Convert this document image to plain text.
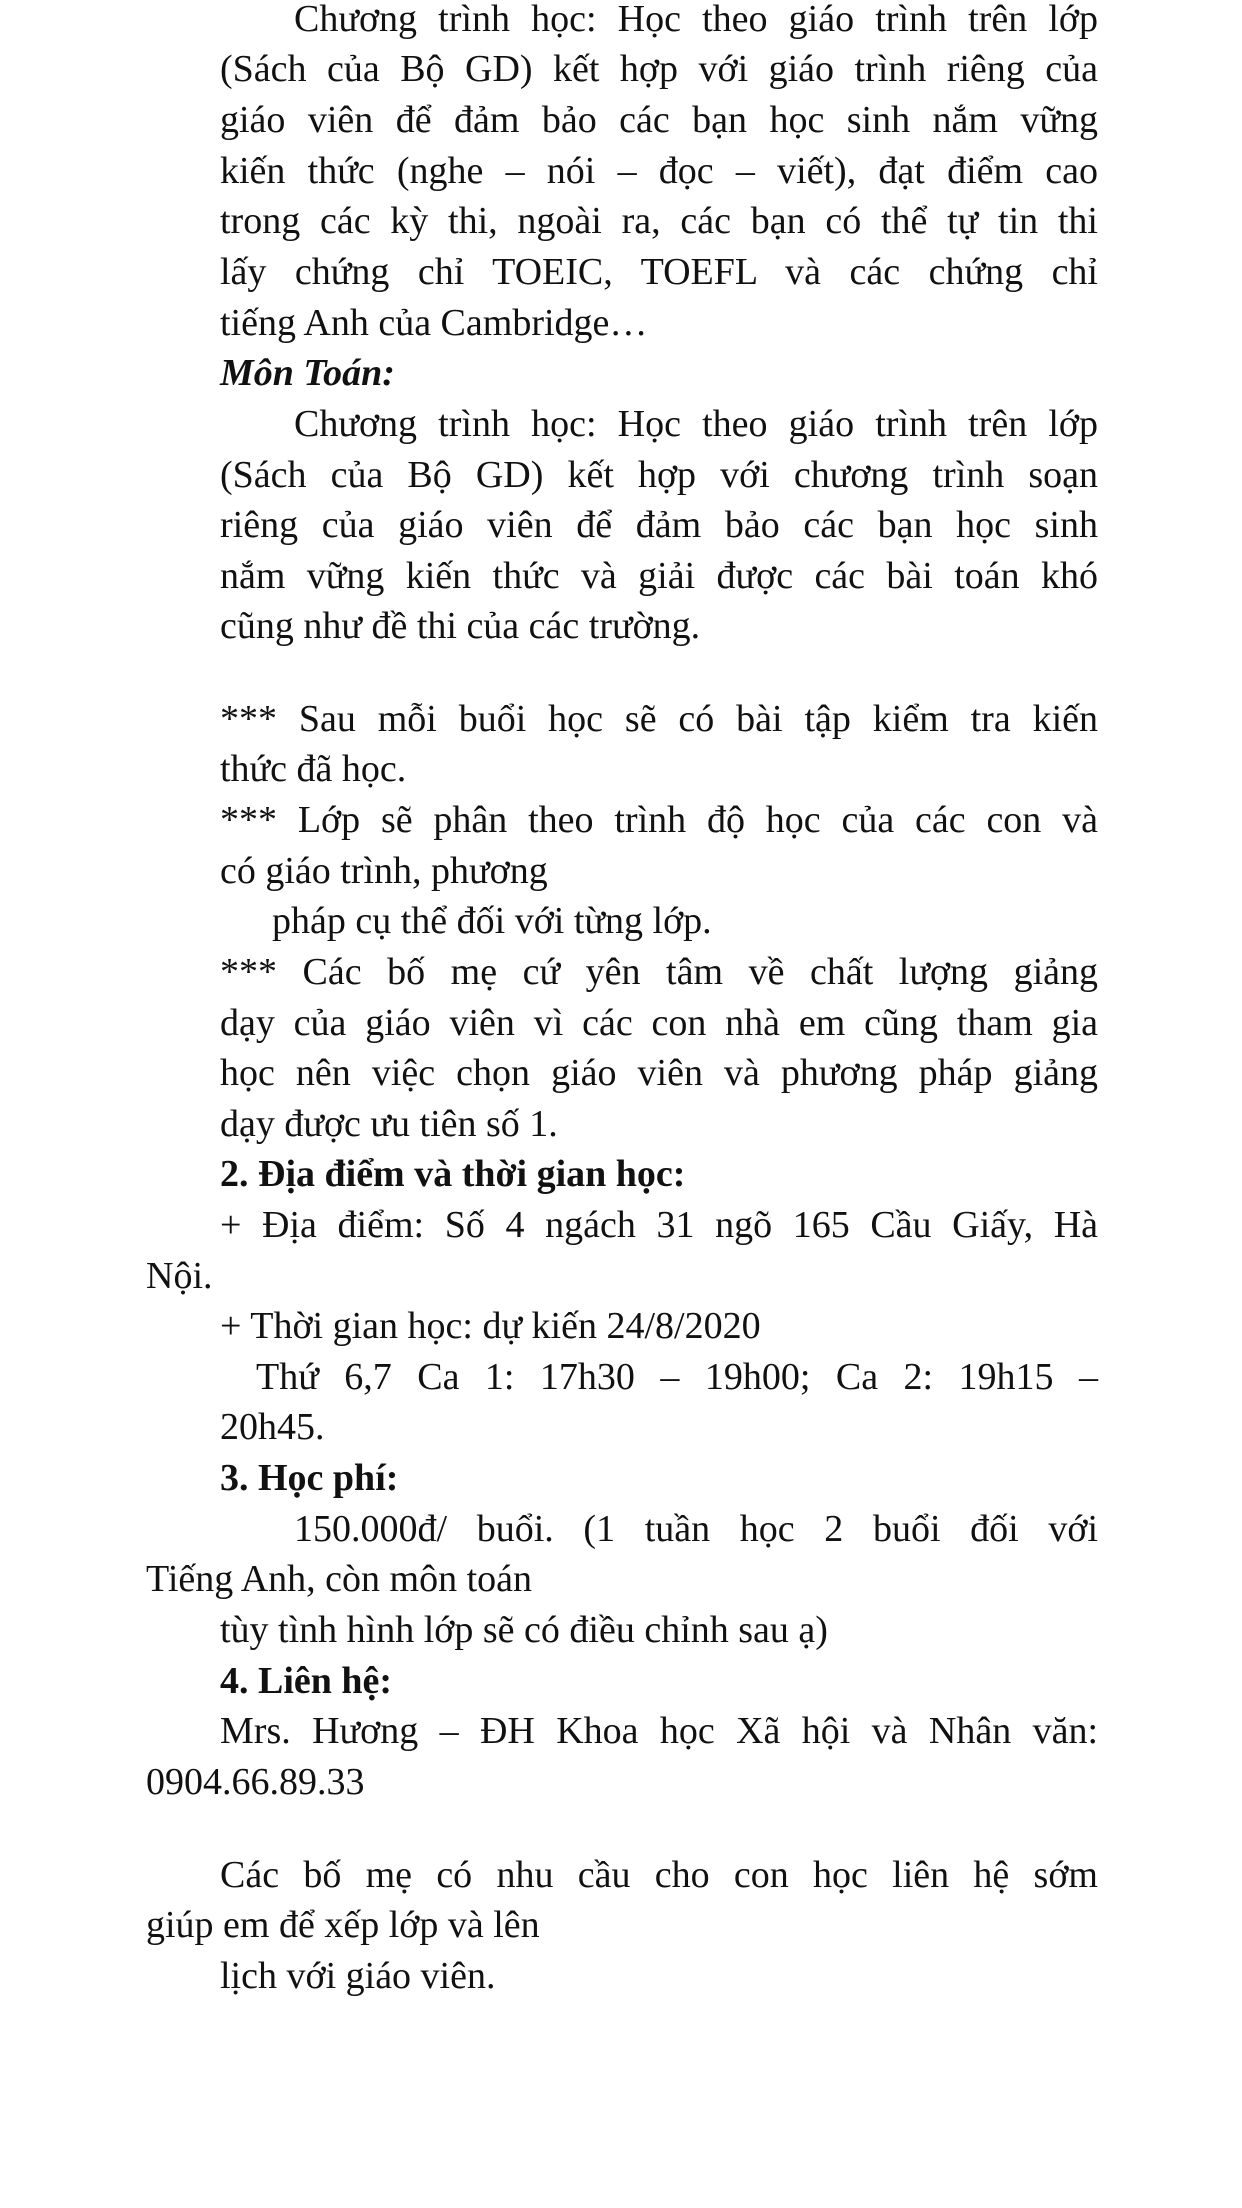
Chương trình học: Học theo giáo trình trên lớp

(Sách của Bộ GD) kết hợp với giáo trình riêng của

giáo viên để đảm bảo các bạn học sinh nắm vững

kiến thức (nghe – nói – đọc – viết), đạt điểm cao

trong các kỳ thi, ngoài ra, các bạn có thể tự tin thi

lấy chứng chỉ TOEIC, TOEFL và các chứng chỉ

tiếng Anh của Cambridge…

Môn Toán:

Chương trình học: Học theo giáo trình trên lớp

(Sách của Bộ GD) kết hợp với chương trình soạn

riêng của giáo viên để đảm bảo các bạn học sinh

nắm vững kiến thức và giải được các bài toán khó

cũng như đề thi của các trường.

*** Sau mỗi buổi học sẽ có bài tập kiểm tra kiến

thức đã học.

*** Lớp sẽ phân theo trình độ học của các con và

có giáo trình, phương

pháp cụ thể đối với từng lớp.

*** Các bố mẹ cứ yên tâm về chất lượng giảng

dạy của giáo viên vì các con nhà em cũng tham gia

học nên việc chọn giáo viên và phương pháp giảng

dạy được ưu tiên số 1.

2. Địa điểm và thời gian học:

+ Địa điểm: Số 4 ngách 31 ngõ 165 Cầu Giấy, Hà

Nội.

+ Thời gian học: dự kiến 24/8/2020

Thứ 6,7 Ca 1: 17h30 – 19h00; Ca 2: 19h15 –

20h45.

3. Học phí:

150.000đ/ buổi. (1 tuần học 2 buổi đối với

Tiếng Anh, còn môn toán

tùy tình hình lớp sẽ có điều chỉnh sau ạ)

4. Liên hệ:

Mrs. Hương – ĐH Khoa học Xã hội và Nhân văn:

0904.66.89.33

Các bố mẹ có nhu cầu cho con học liên hệ sớm

giúp em để xếp lớp và lên

lịch với giáo viên.
